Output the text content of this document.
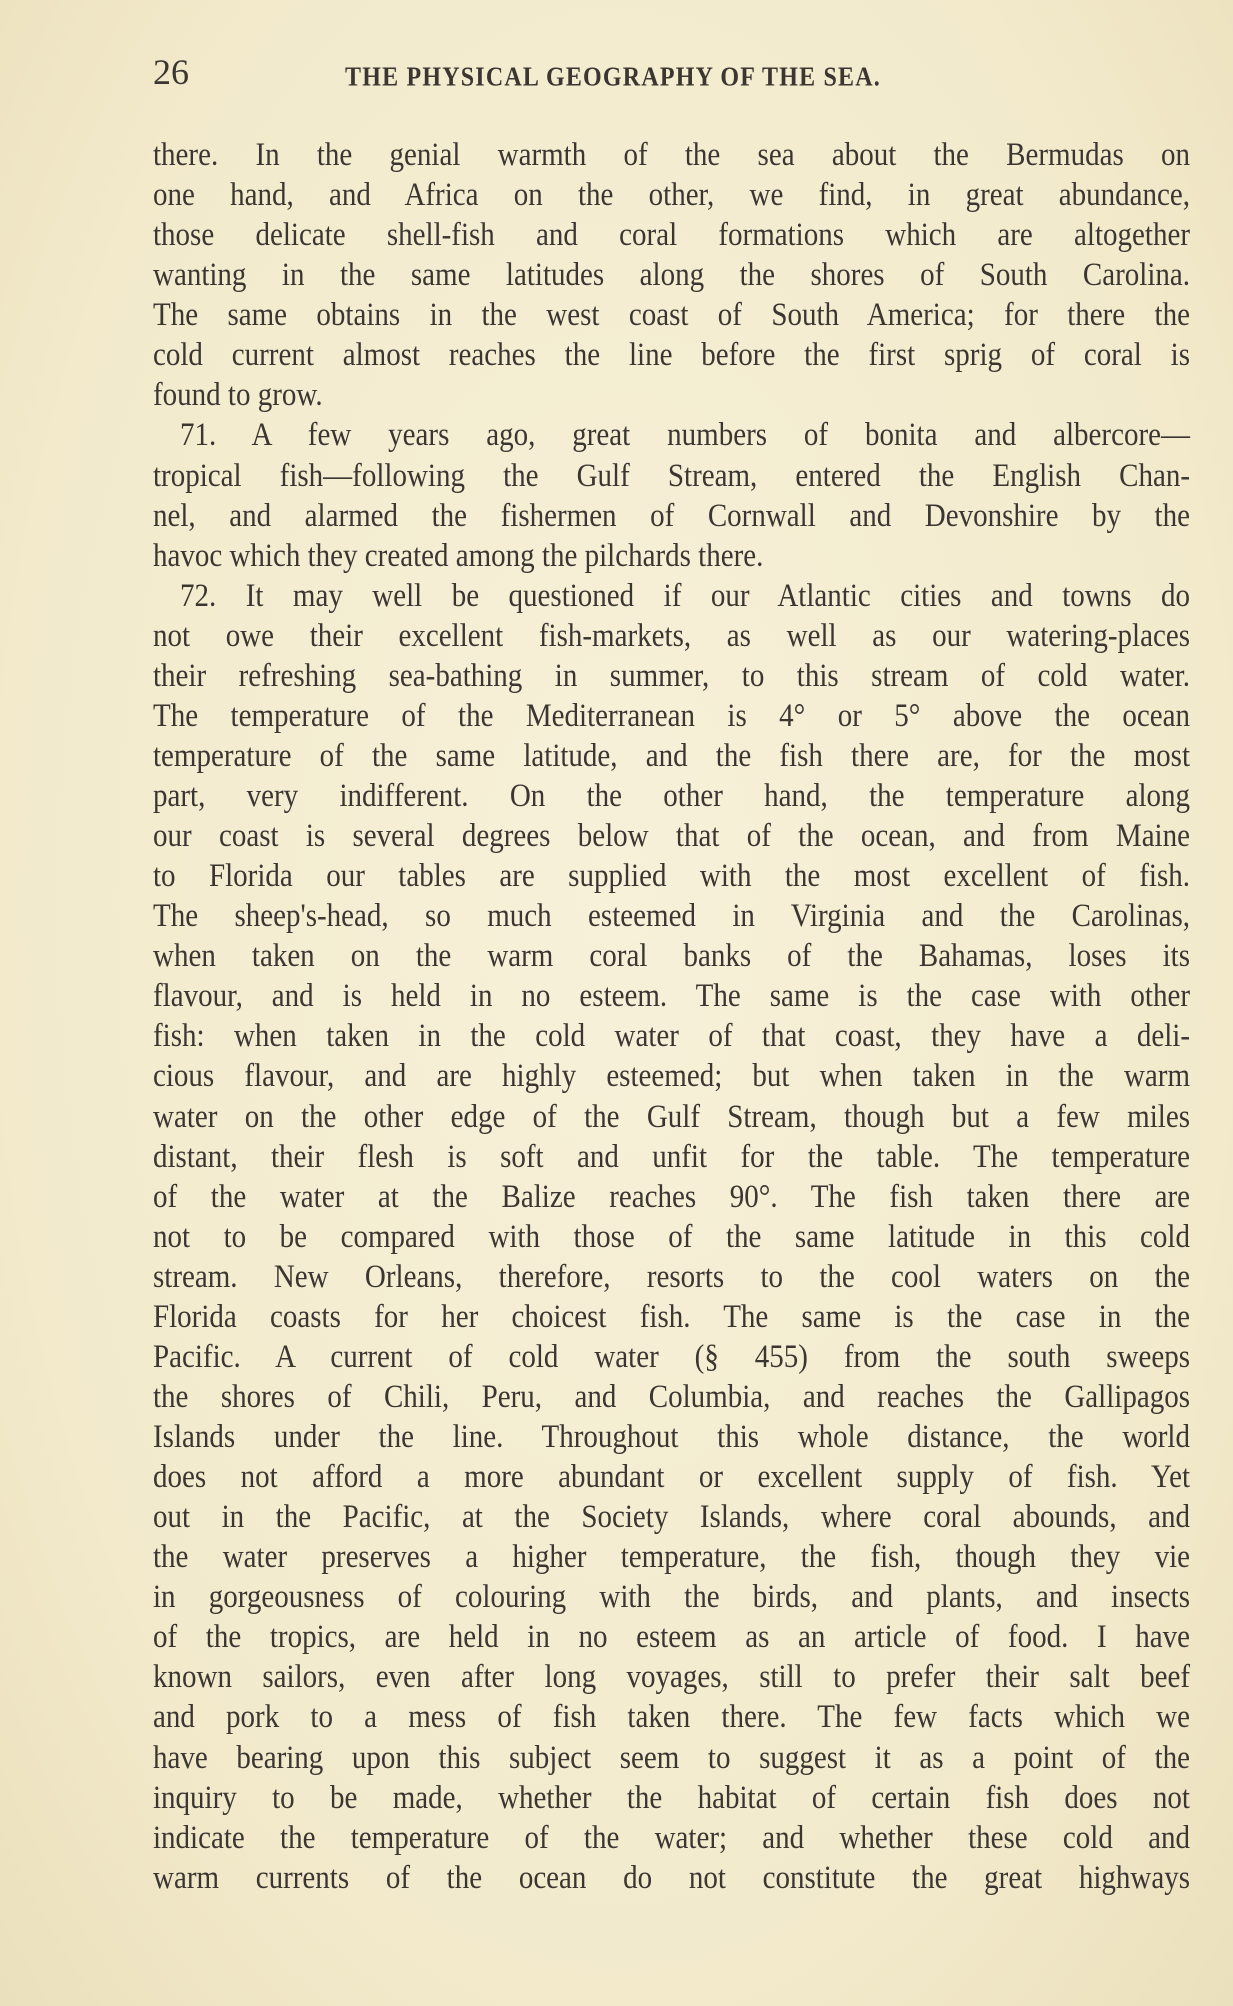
26	THE PHYSICAL GEOGRAPHY OF THE SEA.
there. In the genial warmth of the sea about the Bermudas on
one hand, and Africa on the other, we find, in great abundance,
those delicate shell-fish and coral formations which are altogether
wanting in the same latitudes along the shores of South Carolina.
The same obtains in the west coast of South America; for there the
cold current almost reaches the line before the first sprig of coral is
found to grow.
71. A few years ago, great numbers of bonita and albercore—
tropical fish—following the Gulf Stream, entered the English Chan-
nel, and alarmed the fishermen of Cornwall and Devonshire by the
havoc which they created among the pilchards there.
72. It may well be questioned if our Atlantic cities and towns do
not owe their excellent fish-markets, as well as our watering-places
their refreshing sea-bathing in summer, to this stream of cold water.
The temperature of the Mediterranean is 4° or 5° above the ocean
temperature of the same latitude, and the fish there are, for the most
part, very indifferent. On the other hand, the temperature along
our coast is several degrees below that of the ocean, and from Maine
to Florida our tables are supplied with the most excellent of fish.
The sheep's-head, so much esteemed in Virginia and the Carolinas,
when taken on the warm coral banks of the Bahamas, loses its
flavour, and is held in no esteem. The same is the case with other
fish: when taken in the cold water of that coast, they have a deli-
cious flavour, and are highly esteemed; but when taken in the warm
water on the other edge of the Gulf Stream, though but a few miles
distant, their flesh is soft and unfit for the table. The temperature
of the water at the Balize reaches 90°. The fish taken there are
not to be compared with those of the same latitude in this cold
stream. New Orleans, therefore, resorts to the cool waters on the
Florida coasts for her choicest fish. The same is the case in the
Pacific. A current of cold water (§ 455) from the south sweeps
the shores of Chili, Peru, and Columbia, and reaches the Gallipagos
Islands under the line. Throughout this whole distance, the world
does not afford a more abundant or excellent supply of fish. Yet
out in the Pacific, at the Society Islands, where coral abounds, and
the water preserves a higher temperature, the fish, though they vie
in gorgeousness of colouring with the birds, and plants, and insects
of the tropics, are held in no esteem as an article of food. I have
known sailors, even after long voyages, still to prefer their salt beef
and pork to a mess of fish taken there. The few facts which we
have bearing upon this subject seem to suggest it as a point of the
inquiry to be made, whether the habitat of certain fish does not
indicate the temperature of the water; and whether these cold and
warm currents of the ocean do not constitute the great highways
